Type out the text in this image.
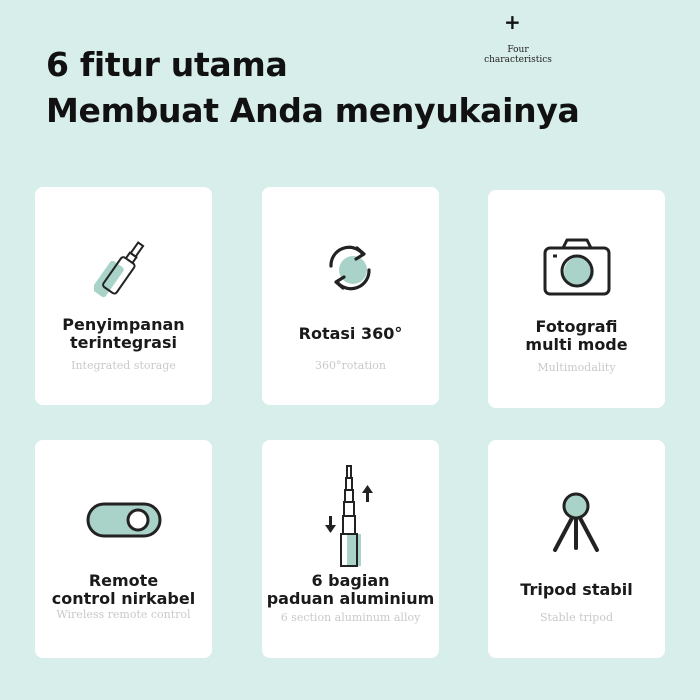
6 fitur utama
Membuat Anda menyukainya
+
Four
characteristics
Penyimpanan
terintegrasi
Integrated storage
Rotasi 360°
360°rotation
Fotografi
multi mode
Multimodality
Remote
control nirkabel
Wireless remote control
6 bagian
paduan aluminium
6 section aluminum alloy
Tripod stabil
Stable tripod
